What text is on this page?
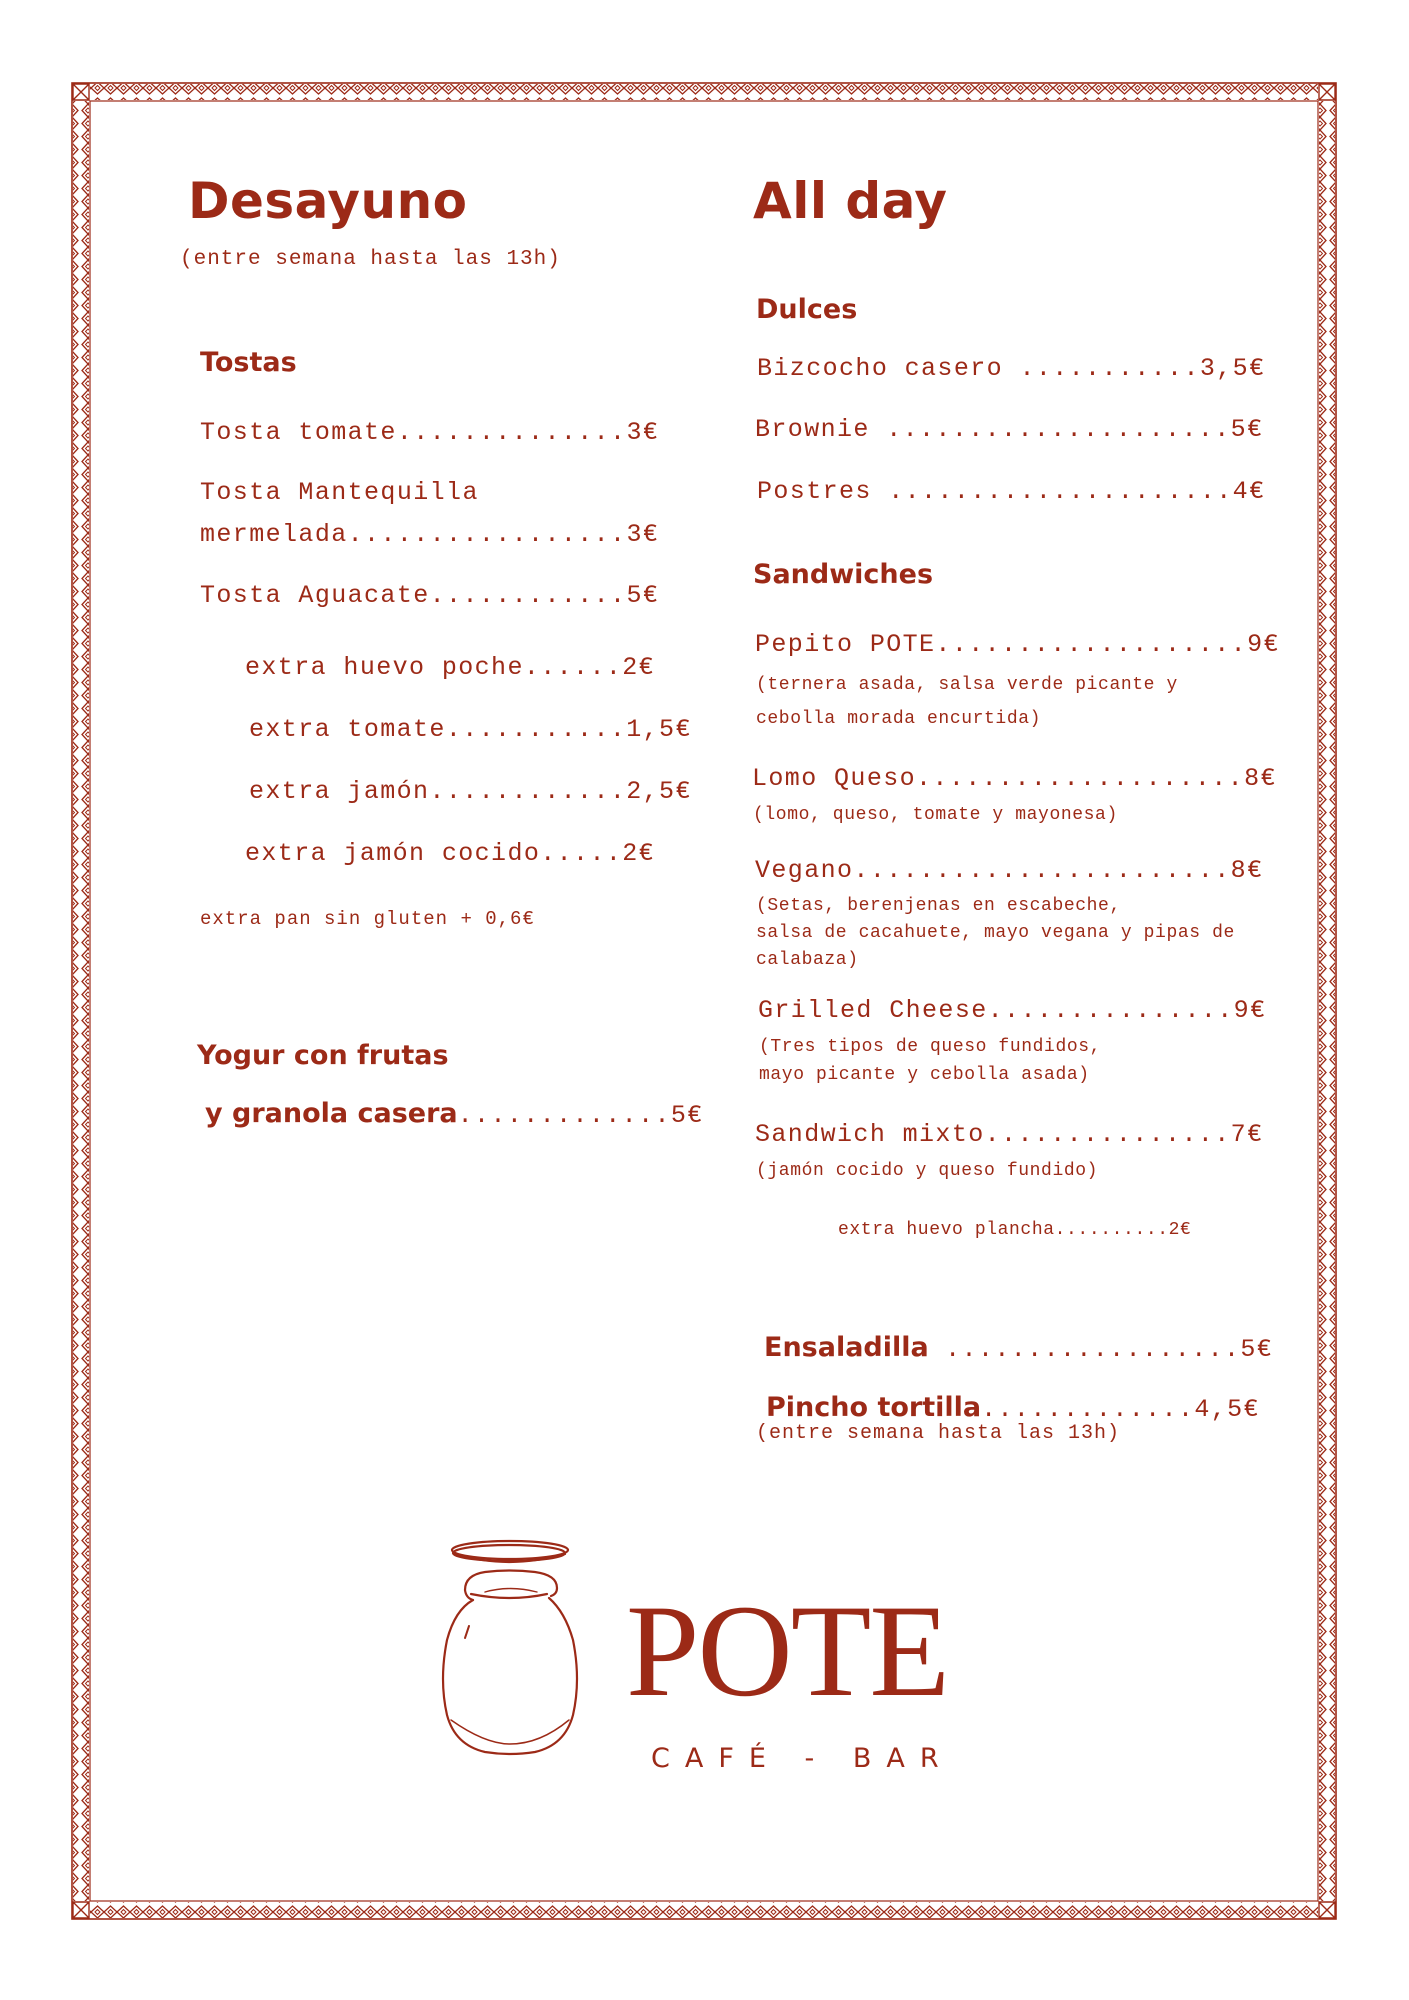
Desayuno
(entre semana hasta las 13h)
Tostas
Tosta tomate..............3€
Tosta Mantequilla
mermelada.................3€
Tosta Aguacate............5€
extra huevo poche......2€
extra tomate...........1,5€
extra jamón............2,5€
extra jamón cocido.....2€
extra pan sin gluten + 0,6€
Yogur con frutas

y granola casera.............5€

All day
Dulces
Bizcocho casero ...........3,5€
Brownie .....................5€
Postres .....................4€
Sandwiches
Pepito POTE...................9€
(ternera asada, salsa verde picante y
cebolla morada encurtida)
Lomo Queso....................8€
(lomo, queso, tomate y mayonesa)
Vegano.......................8€
(Setas, berenjenas en escabeche,
salsa de cacahuete, mayo vegana y pipas de
calabaza)
Grilled Cheese...............9€
(Tres tipos de queso fundidos,
mayo picante y cebolla asada)
Sandwich mixto...............7€
(jamón cocido y queso fundido)
extra huevo plancha..........2€

Ensaladilla ..................5€

Pincho tortilla.............4,5€

(entre semana hasta las 13h)
POTE
CAFÉ - BAR
